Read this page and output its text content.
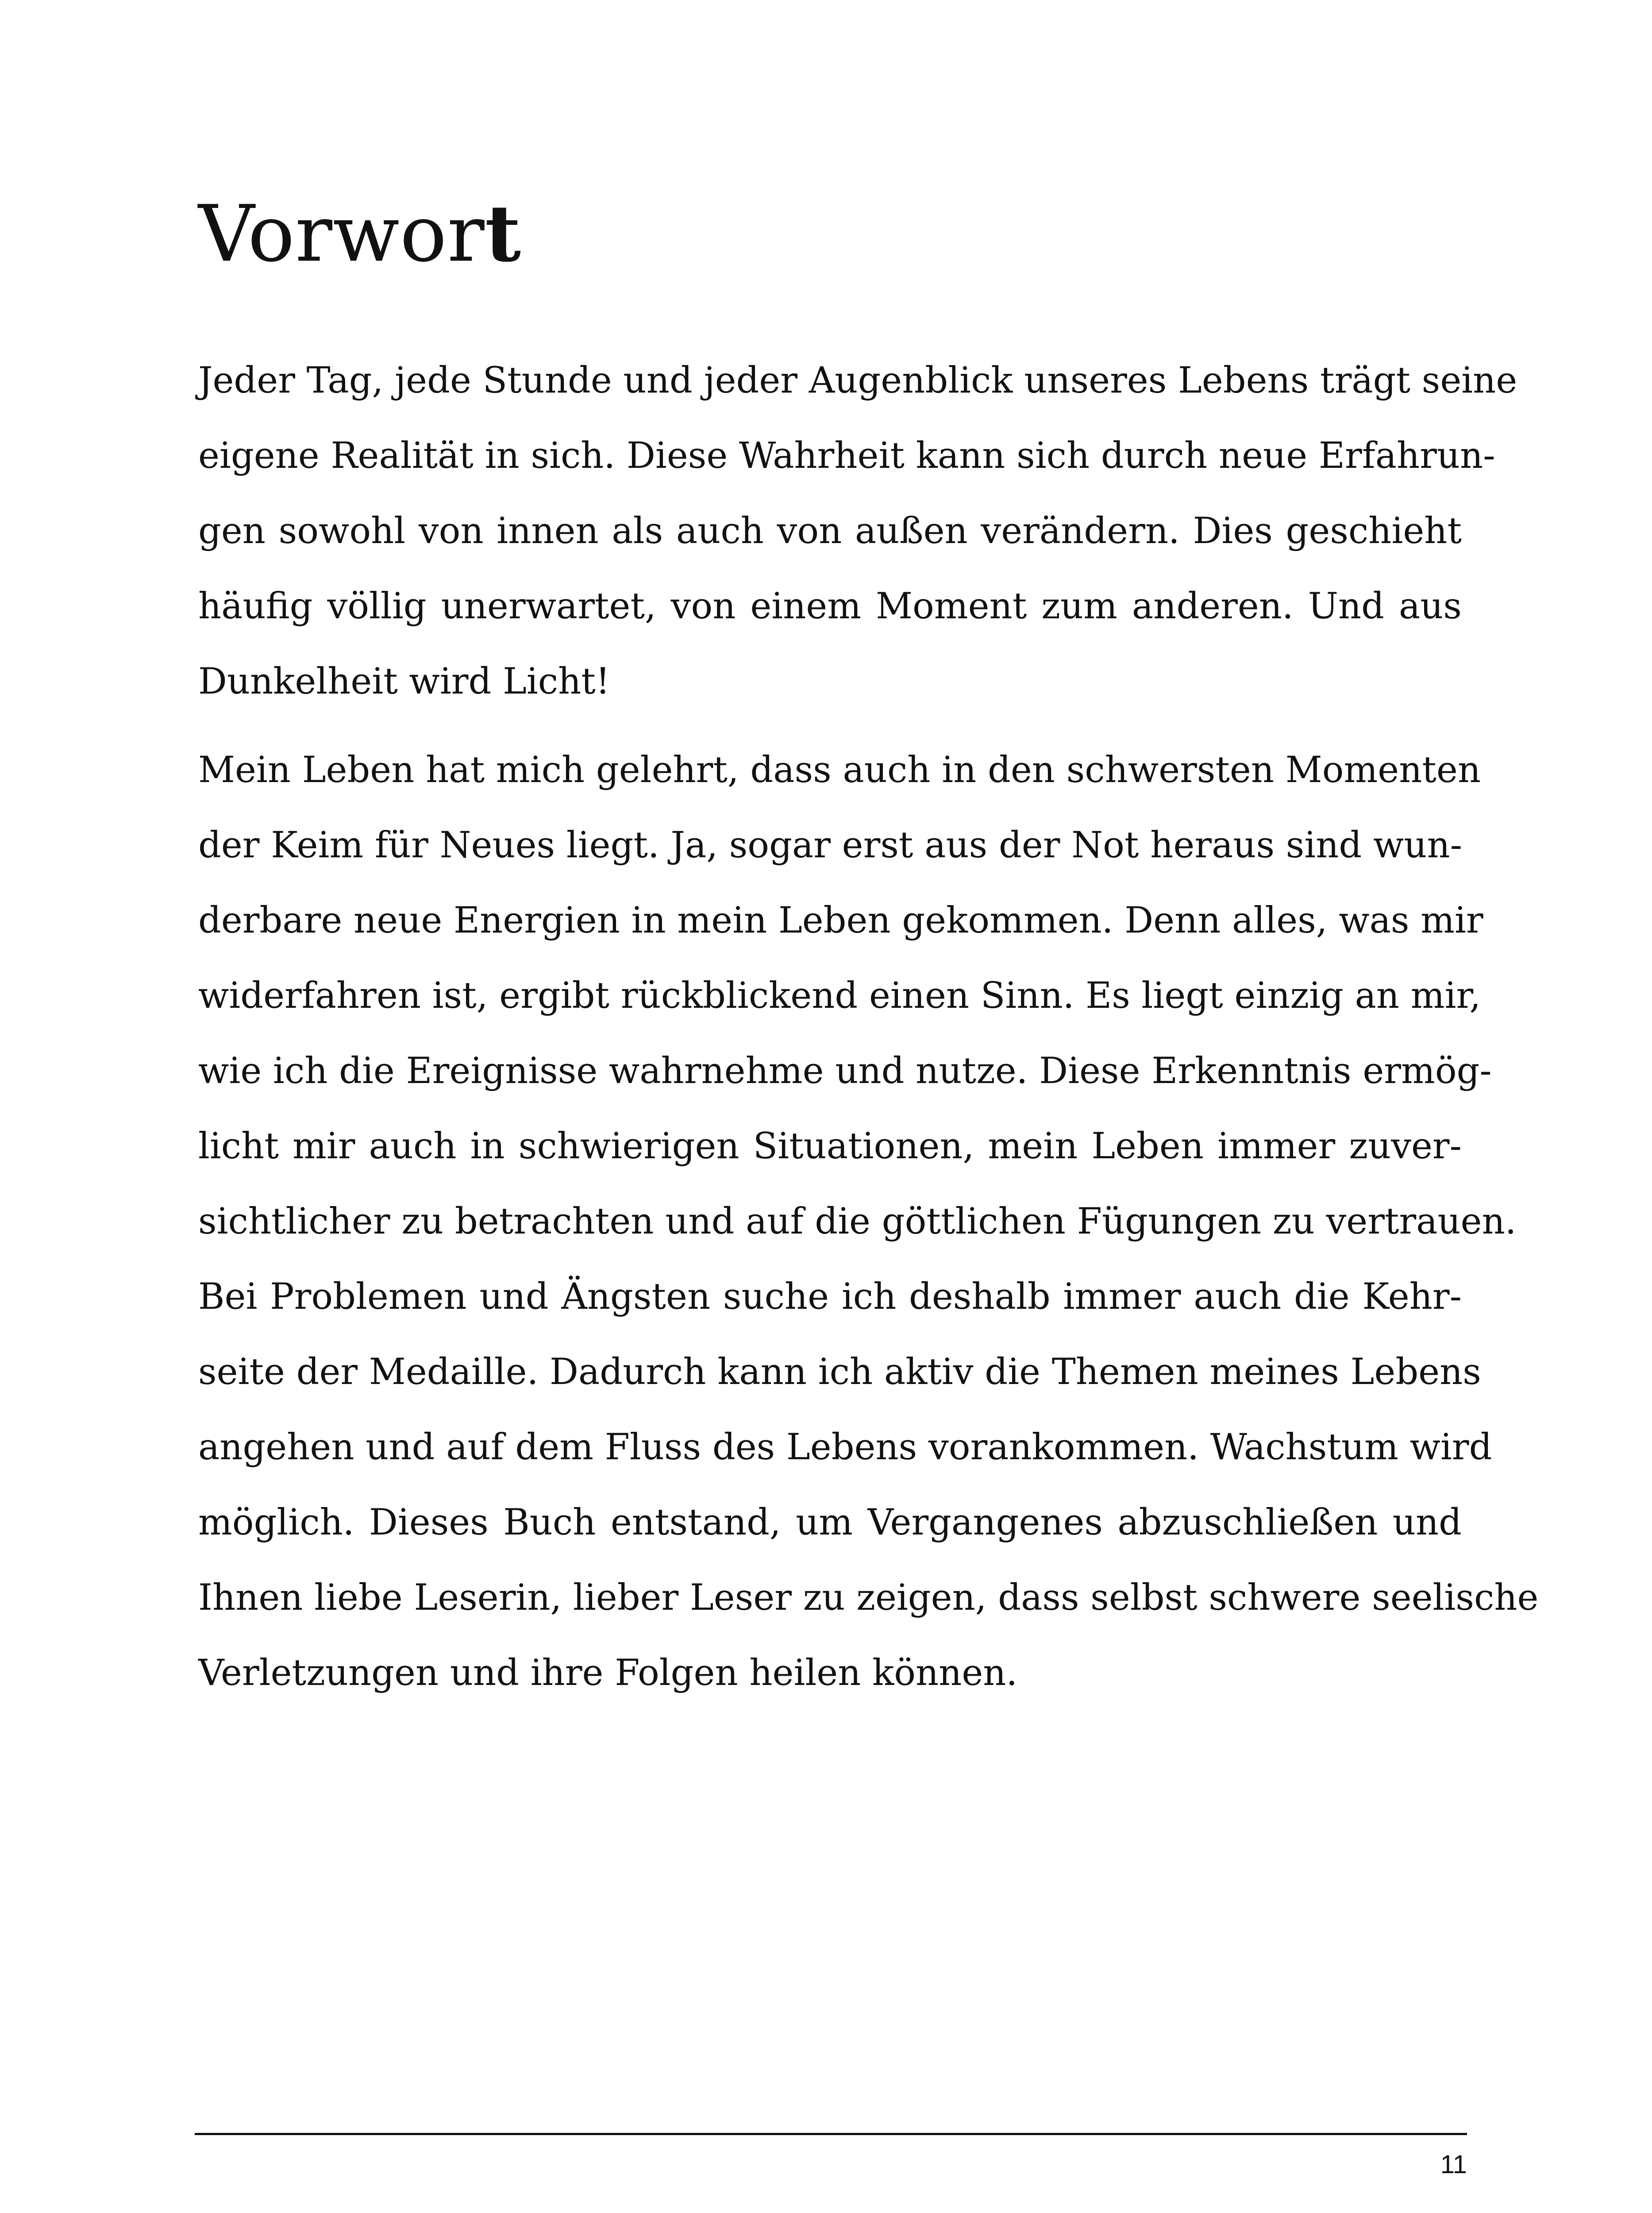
Vorwort
Jeder Tag, jede Stunde und jeder Augenblick unseres Lebens trägt seine
eigene Realität in sich. Diese Wahrheit kann sich durch neue Erfahrun-
gen sowohl von innen als auch von außen verändern. Dies geschieht
häufig völlig unerwartet, von einem Moment zum anderen. Und aus
Dunkelheit wird Licht!
Mein Leben hat mich gelehrt, dass auch in den schwersten Momenten
der Keim für Neues liegt. Ja, sogar erst aus der Not heraus sind wun-
derbare neue Energien in mein Leben gekommen. Denn alles, was mir
widerfahren ist, ergibt rückblickend einen Sinn. Es liegt einzig an mir,
wie ich die Ereignisse wahrnehme und nutze. Diese Erkenntnis ermög-
licht mir auch in schwierigen Situationen, mein Leben immer zuver-
sichtlicher zu betrachten und auf die göttlichen Fügungen zu vertrauen.
Bei Problemen und Ängsten suche ich deshalb immer auch die Kehr-
seite der Medaille. Dadurch kann ich aktiv die Themen meines Lebens
angehen und auf dem Fluss des Lebens vorankommen. Wachstum wird
möglich. Dieses Buch entstand, um Vergangenes abzuschließen und
Ihnen liebe Leserin, lieber Leser zu zeigen, dass selbst schwere seelische
Verletzungen und ihre Folgen heilen können.
11
